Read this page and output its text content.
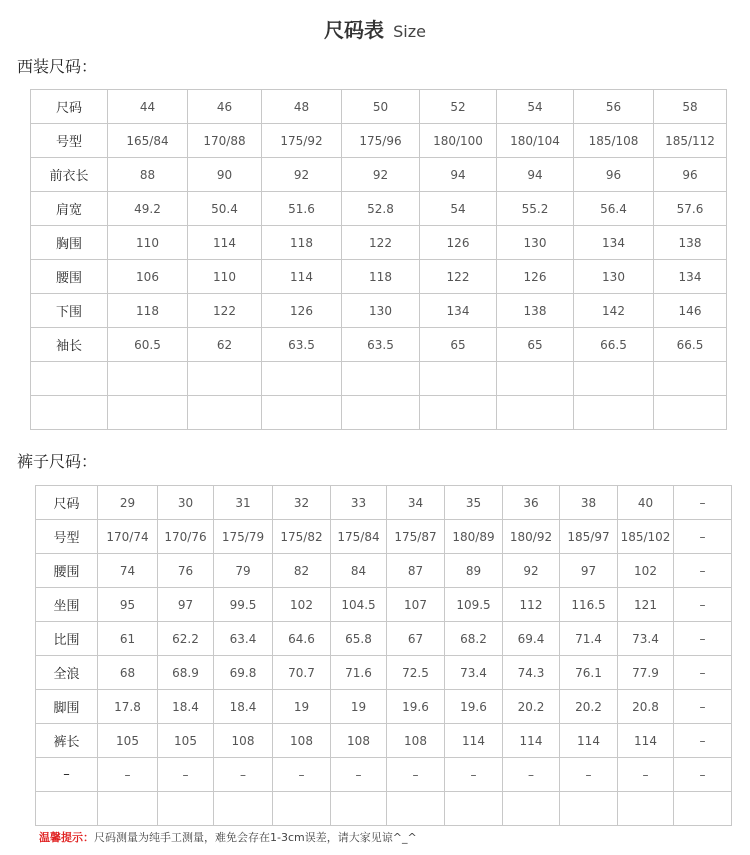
尺码表 Size
西装尺码：
尺码	44	46	48	50	52	54	56	58
号型	165/84	170/88	175/92	175/96	180/100	180/104	185/108	185/112
前衣长	88	90	92	92	94	94	96	96
肩宽	49.2	50.4	51.6	52.8	54	55.2	56.4	57.6
胸围	110	114	118	122	126	130	134	138
腰围	106	110	114	118	122	126	130	134
下围	118	122	126	130	134	138	142	146
袖长	60.5	62	63.5	63.5	65	65	66.5	66.5

裤子尺码：
尺码	29	30	31	32	33	34	35	36	38	40	–
号型	170/74	170/76	175/79	175/82	175/84	175/87	180/89	180/92	185/97	185/102	–
腰围	74	76	79	82	84	87	89	92	97	102	–
坐围	95	97	99.5	102	104.5	107	109.5	112	116.5	121	–
比围	61	62.2	63.4	64.6	65.8	67	68.2	69.4	71.4	73.4	–
全浪	68	68.9	69.8	70.7	71.6	72.5	73.4	74.3	76.1	77.9	–
脚围	17.8	18.4	18.4	19	19	19.6	19.6	20.2	20.2	20.8	–
裤长	105	105	108	108	108	108	114	114	114	114	–
–	–	–	–	–	–	–	–	–	–	–	–

温馨提示：尺码测量为纯手工测量，难免会存在1-3cm误差，请大家见谅^_^
